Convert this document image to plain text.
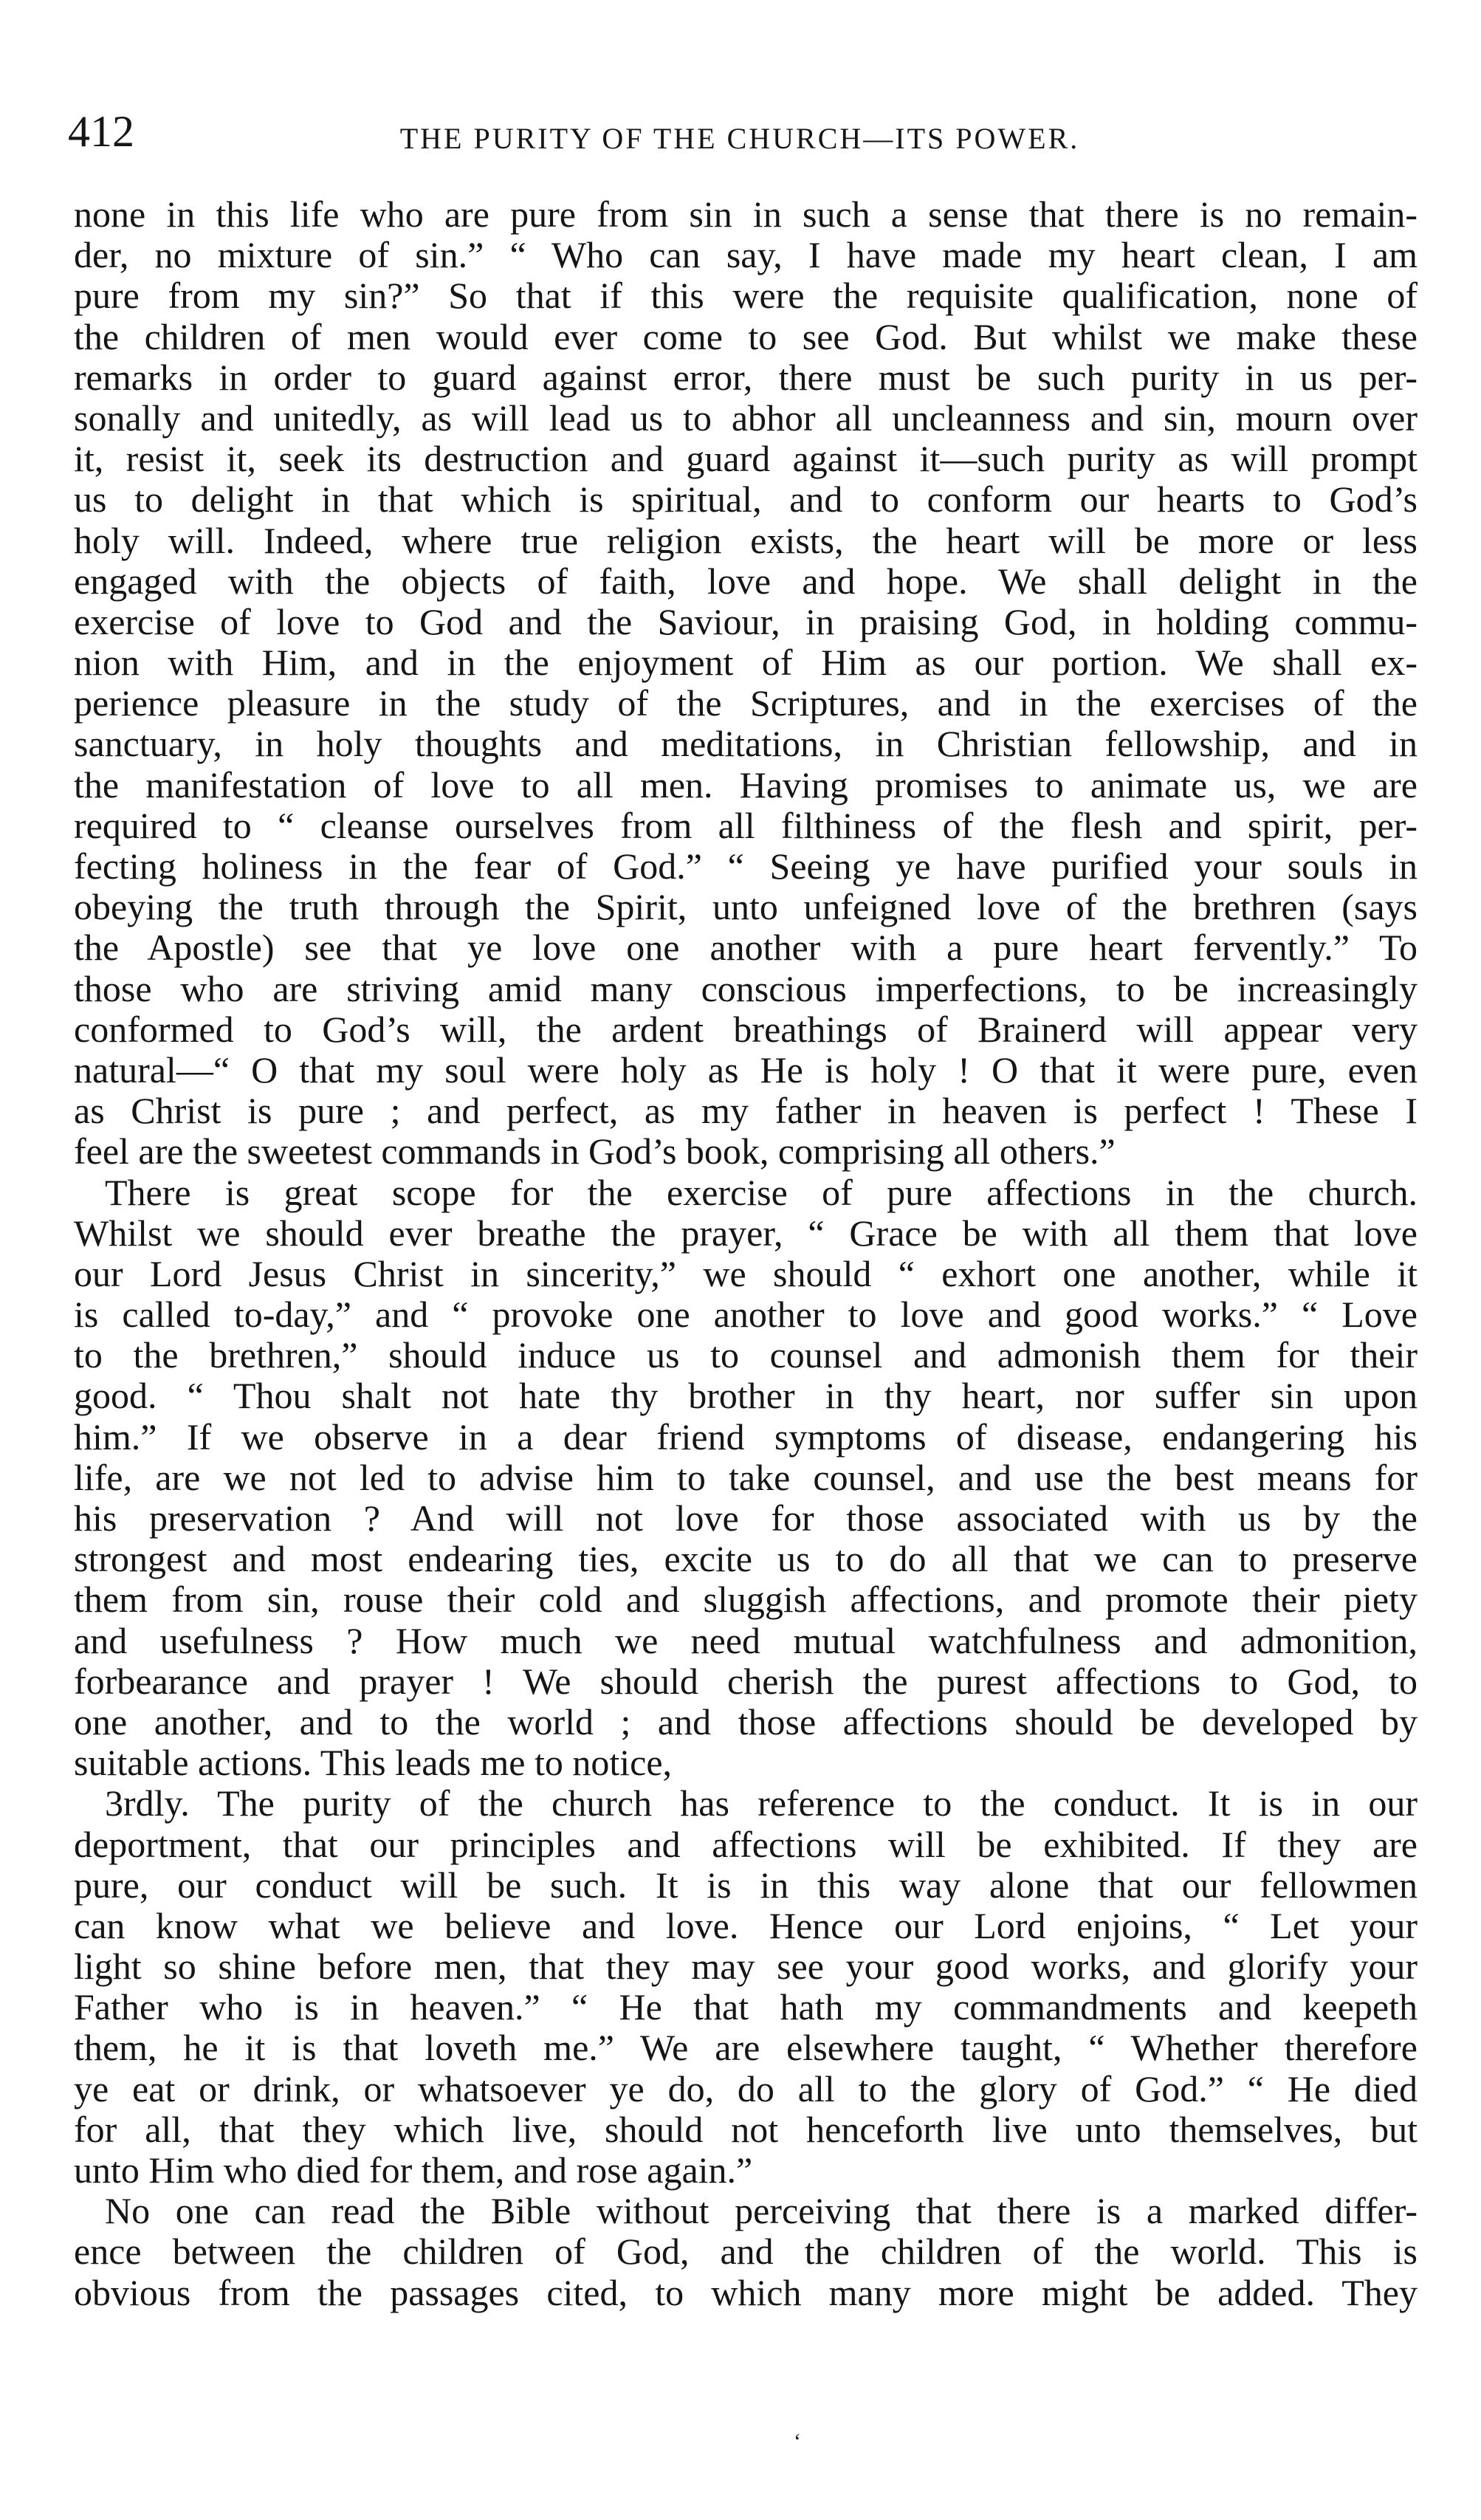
412	THE PURITY OF THE CHURCH—ITS POWER.
none in this life who are pure from sin in such a sense that there is no remain-
der, no mixture of sin.” “ Who can say, I have made my heart clean, I am
pure from my sin?” So that if this were the requisite qualification, none of
the children of men would ever come to see God. But whilst we make these
remarks in order to guard against error, there must be such purity in us per-
sonally and unitedly, as will lead us to abhor all uncleanness and sin, mourn over
it, resist it, seek its destruction and guard against it—such purity as will prompt
us to delight in that which is spiritual, and to conform our hearts to God’s
holy will. Indeed, where true religion exists, the heart will be more or less
engaged with the objects of faith, love and hope. We shall delight in the
exercise of love to God and the Saviour, in praising God, in holding commu-
nion with Him, and in the enjoyment of Him as our portion. We shall ex-
perience pleasure in the study of the Scriptures, and in the exercises of the
sanctuary, in holy thoughts and meditations, in Christian fellowship, and in
the manifestation of love to all men. Having promises to animate us, we are
required to “ cleanse ourselves from all filthiness of the flesh and spirit, per-
fecting holiness in the fear of God.” “ Seeing ye have purified your souls in
obeying the truth through the Spirit, unto unfeigned love of the brethren (says
the Apostle) see that ye love one another with a pure heart fervently.” To
those who are striving amid many conscious imperfections, to be increasingly
conformed to God’s will, the ardent breathings of Brainerd will appear very
natural—“ O that my soul were holy as He is holy ! O that it were pure, even
as Christ is pure ; and perfect, as my father in heaven is perfect ! These I
feel are the sweetest commands in God’s book, comprising all others.”
There is great scope for the exercise of pure affections in the church.
Whilst we should ever breathe the prayer, “ Grace be with all them that love
our Lord Jesus Christ in sincerity,” we should “ exhort one another, while it
is called to-day,” and “ provoke one another to love and good works.” “ Love
to the brethren,” should induce us to counsel and admonish them for their
good. “ Thou shalt not hate thy brother in thy heart, nor suffer sin upon
him.” If we observe in a dear friend symptoms of disease, endangering his
life, are we not led to advise him to take counsel, and use the best means for
his preservation ? And will not love for those associated with us by the
strongest and most endearing ties, excite us to do all that we can to preserve
them from sin, rouse their cold and sluggish affections, and promote their piety
and usefulness ? How much we need mutual watchfulness and admonition,
forbearance and prayer ! We should cherish the purest affections to God, to
one another, and to the world ; and those affections should be developed by
suitable actions. This leads me to notice,
3rdly. The purity of the church has reference to the conduct. It is in our
deportment, that our principles and affections will be exhibited. If they are
pure, our conduct will be such. It is in this way alone that our fellowmen
can know what we believe and love. Hence our Lord enjoins, “ Let your
light so shine before men, that they may see your good works, and glorify your
Father who is in heaven.” “ He that hath my commandments and keepeth
them, he it is that loveth me.” We are elsewhere taught, “ Whether therefore
ye eat or drink, or whatsoever ye do, do all to the glory of God.” “ He died
for all, that they which live, should not henceforth live unto themselves, but
unto Him who died for them, and rose again.”
No one can read the Bible without perceiving that there is a marked differ-
ence between the children of God, and the children of the world. This is
obvious from the passages cited, to which many more might be added. They
‘
